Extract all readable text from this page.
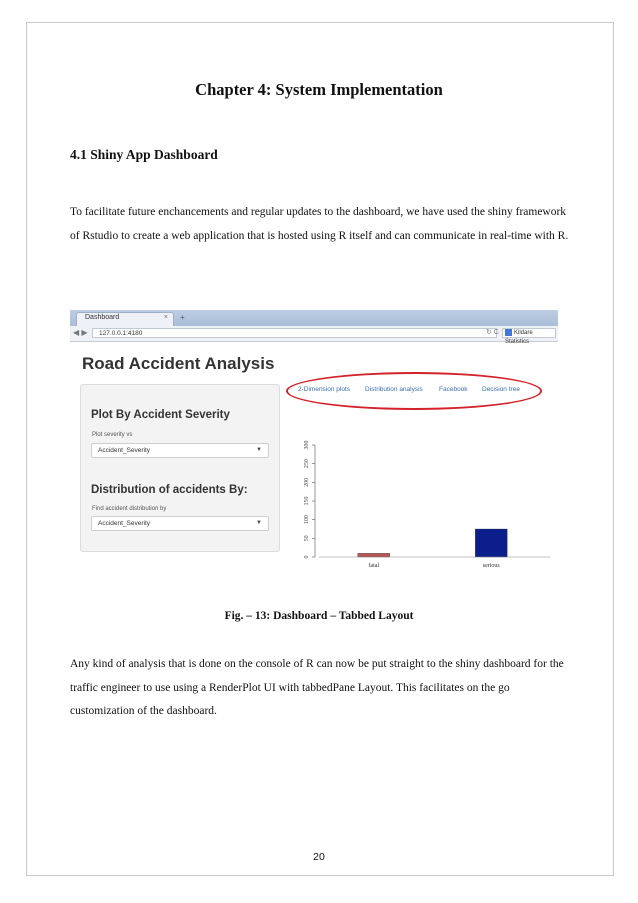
Chapter 4: System Implementation
4.1 Shiny App Dashboard

To facilitate future enchancements and regular updates to the dashboard, we have used the shiny framework of Rstudio to create a web application that is hosted using R itself and can communicate in real-time with R.

Dashboard	× +
◀ ▶	127.0.0.1:4180	↻ C	Kildare Statistics
Road Accident Analysis
Plot By Accident Severity
Plot severity vs
Accident_Severity	▼
Distribution of accidents By:
Find accident distribution by
Accident_Severity	▼
2-Dimension plots Distribution analysis Facebook Decision tree
0
50
100
150
200
250
300
fatal	serious
Fig. – 13: Dashboard – Tabbed Layout

Any kind of analysis that is done on the console of R can now be put straight to the shiny dashboard for the traffic engineer to use using a RenderPlot UI with tabbedPane Layout. This facilitates on the go customization of the dashboard.

20
